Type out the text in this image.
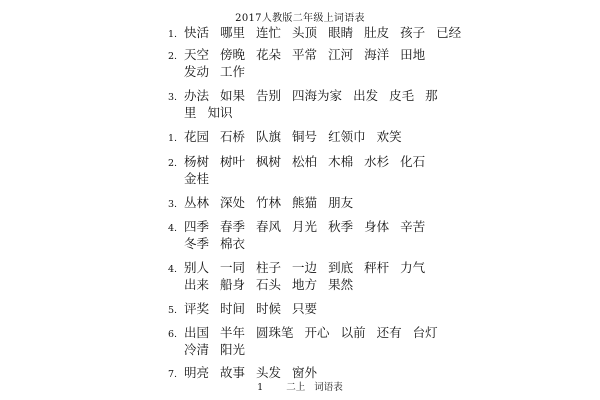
2017人教版二年级上词语表
1. 快活 哪里 连忙 头顶 眼睛 肚皮 孩子 已经
2. 天空 傍晚 花朵 平常 江河 海洋 田地
发动 工作
3. 办法 如果 告别 四海为家 出发 皮毛 那
里 知识
1. 花园 石桥 队旗 铜号 红领巾 欢笑
2. 杨树 树叶 枫树 松柏 木棉 水杉 化石
金桂
3. 丛林 深处 竹林 熊猫 朋友
4. 四季 春季 春风 月光 秋季 身体 辛苦
冬季 棉衣
4. 别人 一同 柱子 一边 到底 秤杆 力气
出来 船身 石头 地方 果然
5. 评奖 时间 时候 只要
6. 出国 半年 圆珠笔 开心 以前 还有 台灯
冷清 阳光
7. 明亮 故事 头发 窗外
1 二上 词语表
